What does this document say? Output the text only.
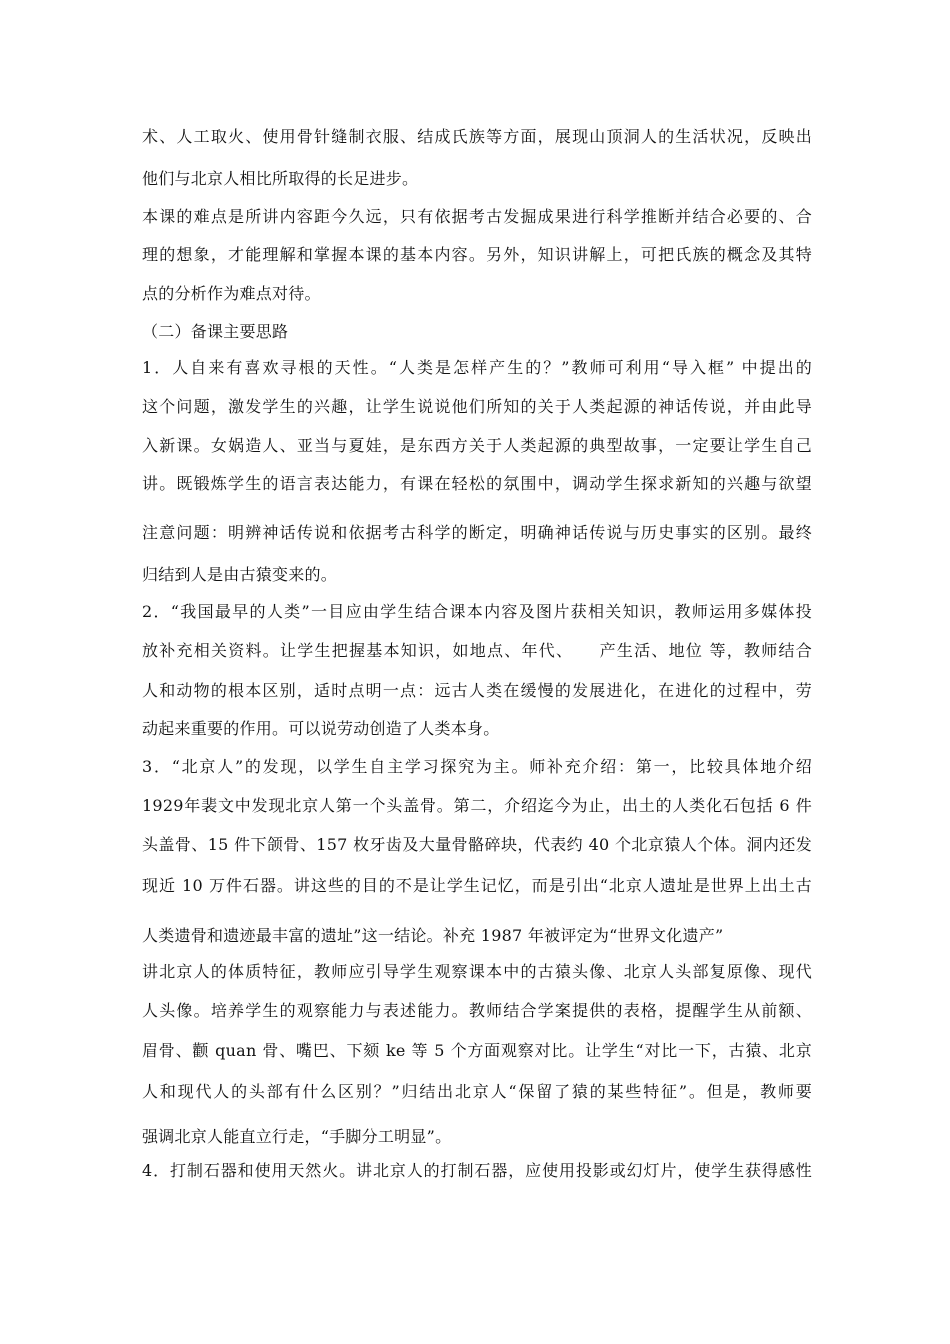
术、人工取火、使用骨针缝制衣服、结成氏族等方面，展现山顶洞人的生活状况，反映出

他们与北京人相比所取得的长足进步。

本课的难点是所讲内容距今久远，只有依据考古发掘成果进行科学推断并结合必要的、合

理的想象，才能理解和掌握本课的基本内容。另外，知识讲解上，可把氏族的概念及其特

点的分析作为难点对待。

（二）备课主要思路

1．人自来有喜欢寻根的天性。“人类是怎样产生的？”教师可利用“导入框” 中提出的

这个问题，激发学生的兴趣，让学生说说他们所知的关于人类起源的神话传说，并由此导

入新课。女娲造人、亚当与夏娃，是东西方关于人类起源的典型故事，一定要让学生自己

讲。既锻炼学生的语言表达能力，有课在轻松的氛围中，调动学生探求新知的兴趣与欲望

注意问题：明辨神话传说和依据考古科学的断定，明确神话传说与历史事实的区别。最终

归结到人是由古猿变来的。

2．“我国最早的人类”一目应由学生结合课本内容及图片获相关知识，教师运用多媒体投

放补充相关资料。让学生把握基本知识，如地点、年代、　　产生活、地位 等，教师结合

人和动物的根本区别，适时点明一点：远古人类在缓慢的发展进化，在进化的过程中，劳

动起来重要的作用。可以说劳动创造了人类本身。

3．“北京人”的发现，以学生自主学习探究为主。师补充介绍：第一，比较具体地介绍

1929年裴文中发现北京人第一个头盖骨。第二，介绍迄今为止，出土的人类化石包括 6 件

头盖骨、15 件下颌骨、157 枚牙齿及大量骨骼碎块，代表约 40 个北京猿人个体。洞内还发

现近 10 万件石器。讲这些的目的不是让学生记忆，而是引出“北京人遗址是世界上出土古

人类遗骨和遗迹最丰富的遗址”这一结论。补充 1987 年被评定为“世界文化遗产”

讲北京人的体质特征，教师应引导学生观察课本中的古猿头像、北京人头部复原像、现代

人头像。培养学生的观察能力与表述能力。教师结合学案提供的表格，提醒学生从前额、

眉骨、颧 quan 骨、嘴巴、下颏 ke 等 5 个方面观察对比。让学生“对比一下，古猿、北京

人和现代人的头部有什么区别？”归结出北京人“保留了猿的某些特征”。但是，教师要

强调北京人能直立行走，“手脚分工明显”。

4．打制石器和使用天然火。讲北京人的打制石器，应使用投影或幻灯片，使学生获得感性
